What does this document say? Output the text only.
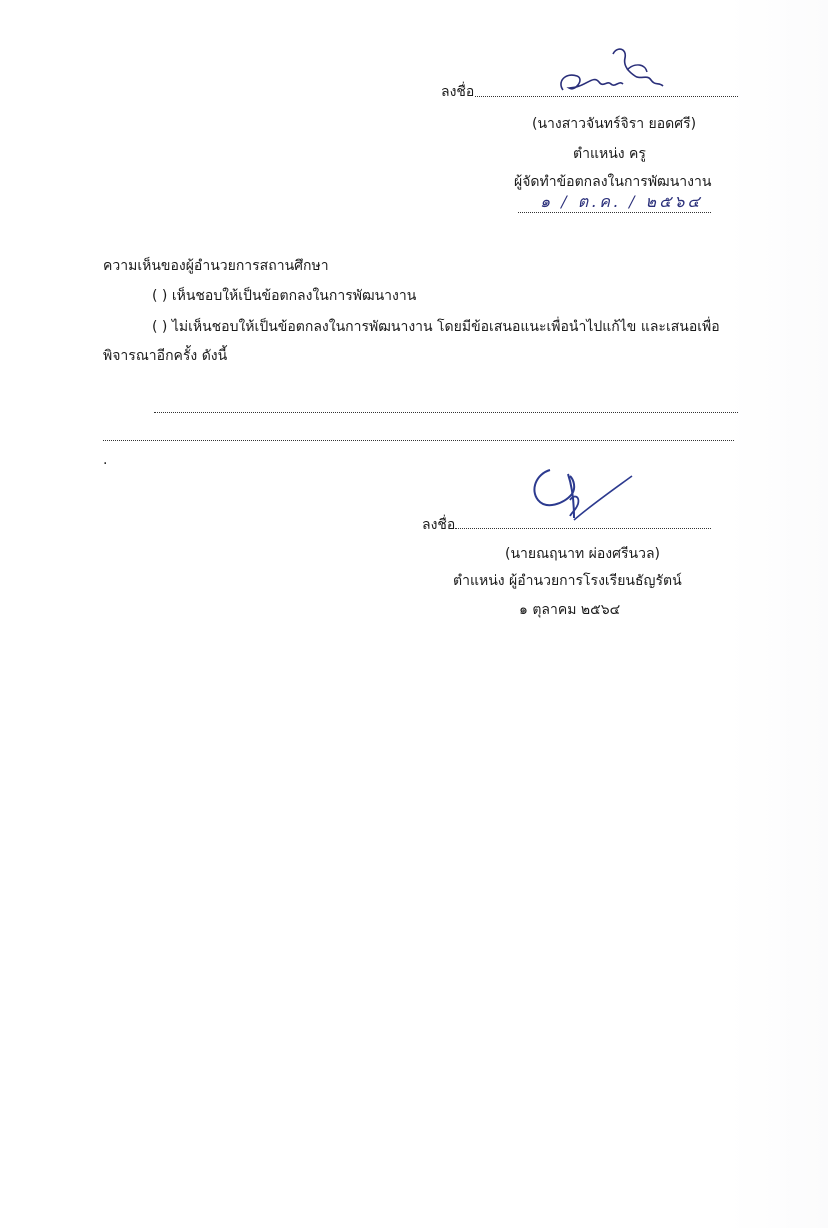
ลงชื่อ
(นางสาวจันทร์จิรา ยอดศรี)
ตำแหน่ง ครู
ผู้จัดทำข้อตกลงในการพัฒนางาน
๑ / ต.ค. / ๒๕๖๔
ความเห็นของผู้อำนวยการสถานศึกษา
( ) เห็นชอบให้เป็นข้อตกลงในการพัฒนางาน
( ) ไม่เห็นชอบให้เป็นข้อตกลงในการพัฒนางาน โดยมีข้อเสนอแนะเพื่อนำไปแก้ไข และเสนอเพื่อ
พิจารณาอีกครั้ง ดังนี้
.
ลงชื่อ
(นายณฤนาท ผ่องศรีนวล)
ตำแหน่ง ผู้อำนวยการโรงเรียนธัญรัตน์
๑ ตุลาคม ๒๕๖๔
